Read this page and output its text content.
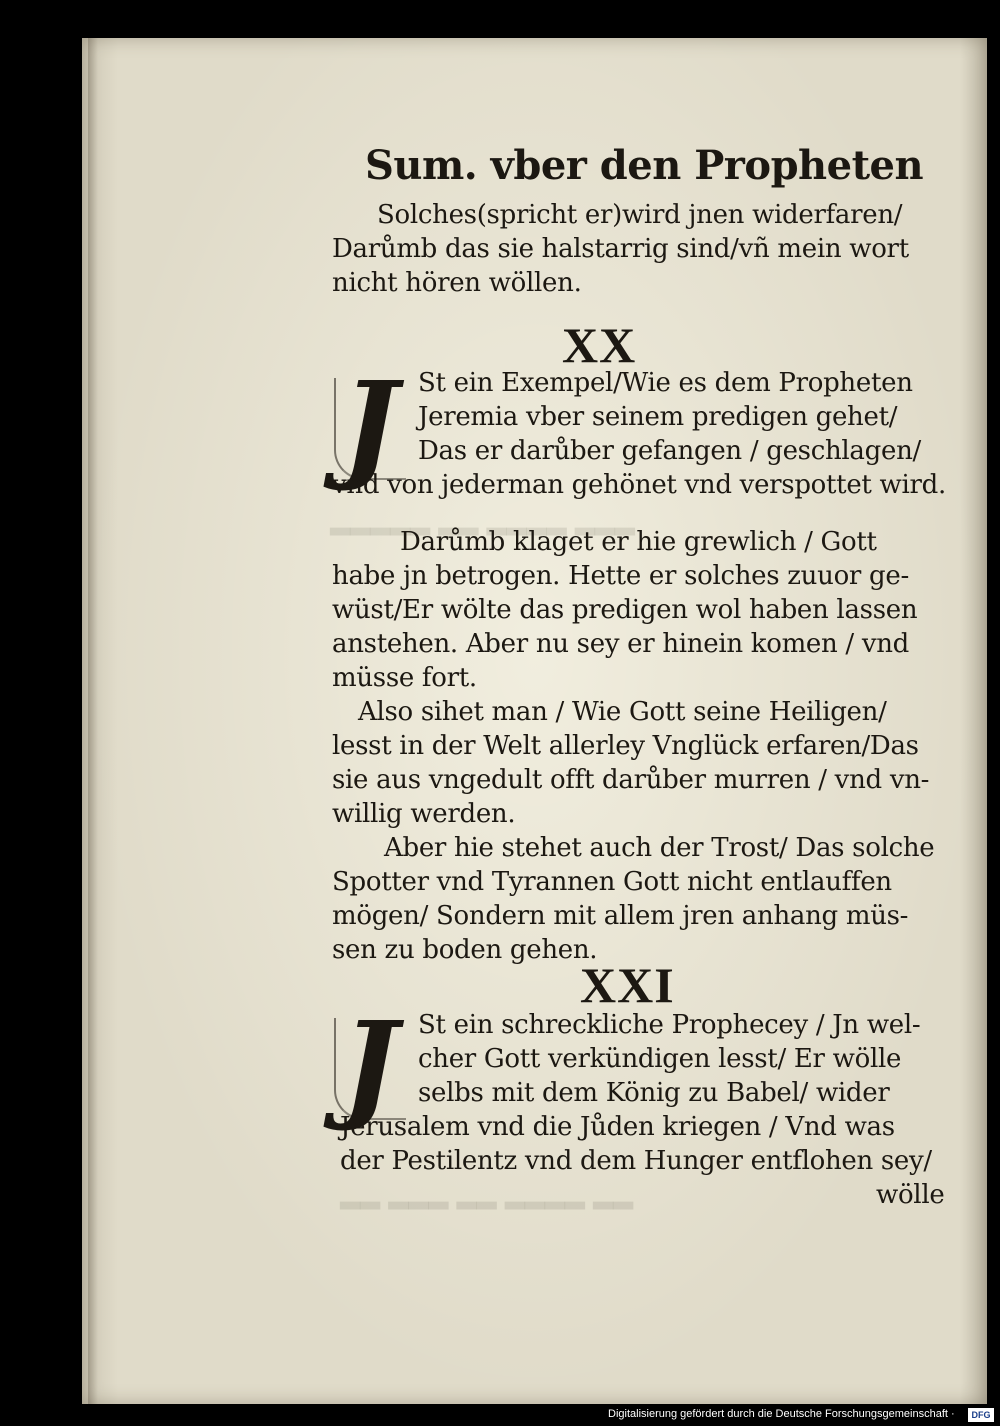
▂▂▂ ▂▂▂▂ ▂▂ ▂▂▂▂▂
▂▂ ▂▂▂▂ ▂▂ ▂▂▂ ▂▂
Sum. vber den Propheten
Solches(spricht er)wird jnen widerfaren/
Darůmb das sie halstarrig sind/vñ mein wort
nicht hören wöllen.
XX
J St ein Exempel/Wie es dem Propheten
Jeremia vber seinem predigen gehet/
Das er darůber gefangen / geschlagen/
vnd von jederman gehönet vnd verspottet wird.
Darůmb klaget er hie grewlich / Gott
habe jn betrogen. Hette er solches zuuor ge-
wüst/Er wölte das predigen wol haben lassen
anstehen. Aber nu sey er hinein komen / vnd
müsse fort.
Also sihet man / Wie Gott seine Heiligen/
lesst in der Welt allerley Vnglück erfaren/Das
sie aus vngedult offt darůber murren / vnd vn-
willig werden.
Aber hie stehet auch der Trost/ Das solche
Spotter vnd Tyrannen Gott nicht entlauffen
mögen/ Sondern mit allem jren anhang müs-
sen zu boden gehen.
XXI
J St ein schreckliche Prophecey / Jn wel-
cher Gott verkündigen lesst/ Er wölle
selbs mit dem König zu Babel/ wider
Jerusalem vnd die Jůden kriegen / Vnd was
der Pestilentz vnd dem Hunger entflohen sey/
wölle
Digitalisierung gefördert durch die Deutsche Forschungsgemeinschaft ·	DFG
